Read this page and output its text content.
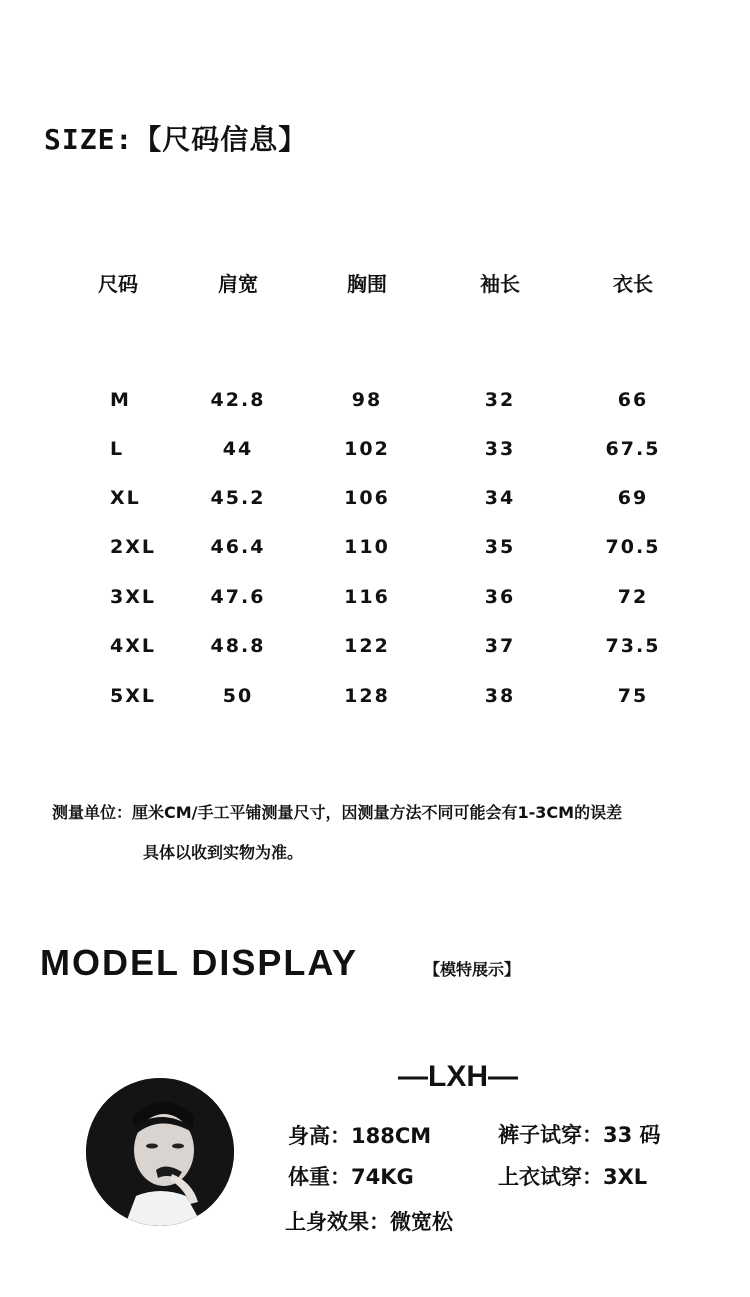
SIZE:【尺码信息】
尺码	肩宽	胸围	袖长	衣长
M	42.8	98	32	66
L	44	102	33	67.5
XL	45.2	106	34	69
2XL	46.4	110	35	70.5
3XL	47.6	116	36	72
4XL	48.8	122	37	73.5
5XL	50	128	38	75
测量单位：厘米CM/手工平铺测量尺寸，因测量方法不同可能会有1-3CM的误差
具体以收到实物为准。
MODEL DISPLAY	【模特展示】
—LXH—
身高：188CM	裤子试穿：33 码
体重：74KG	上衣试穿：3XL
上身效果：微宽松
